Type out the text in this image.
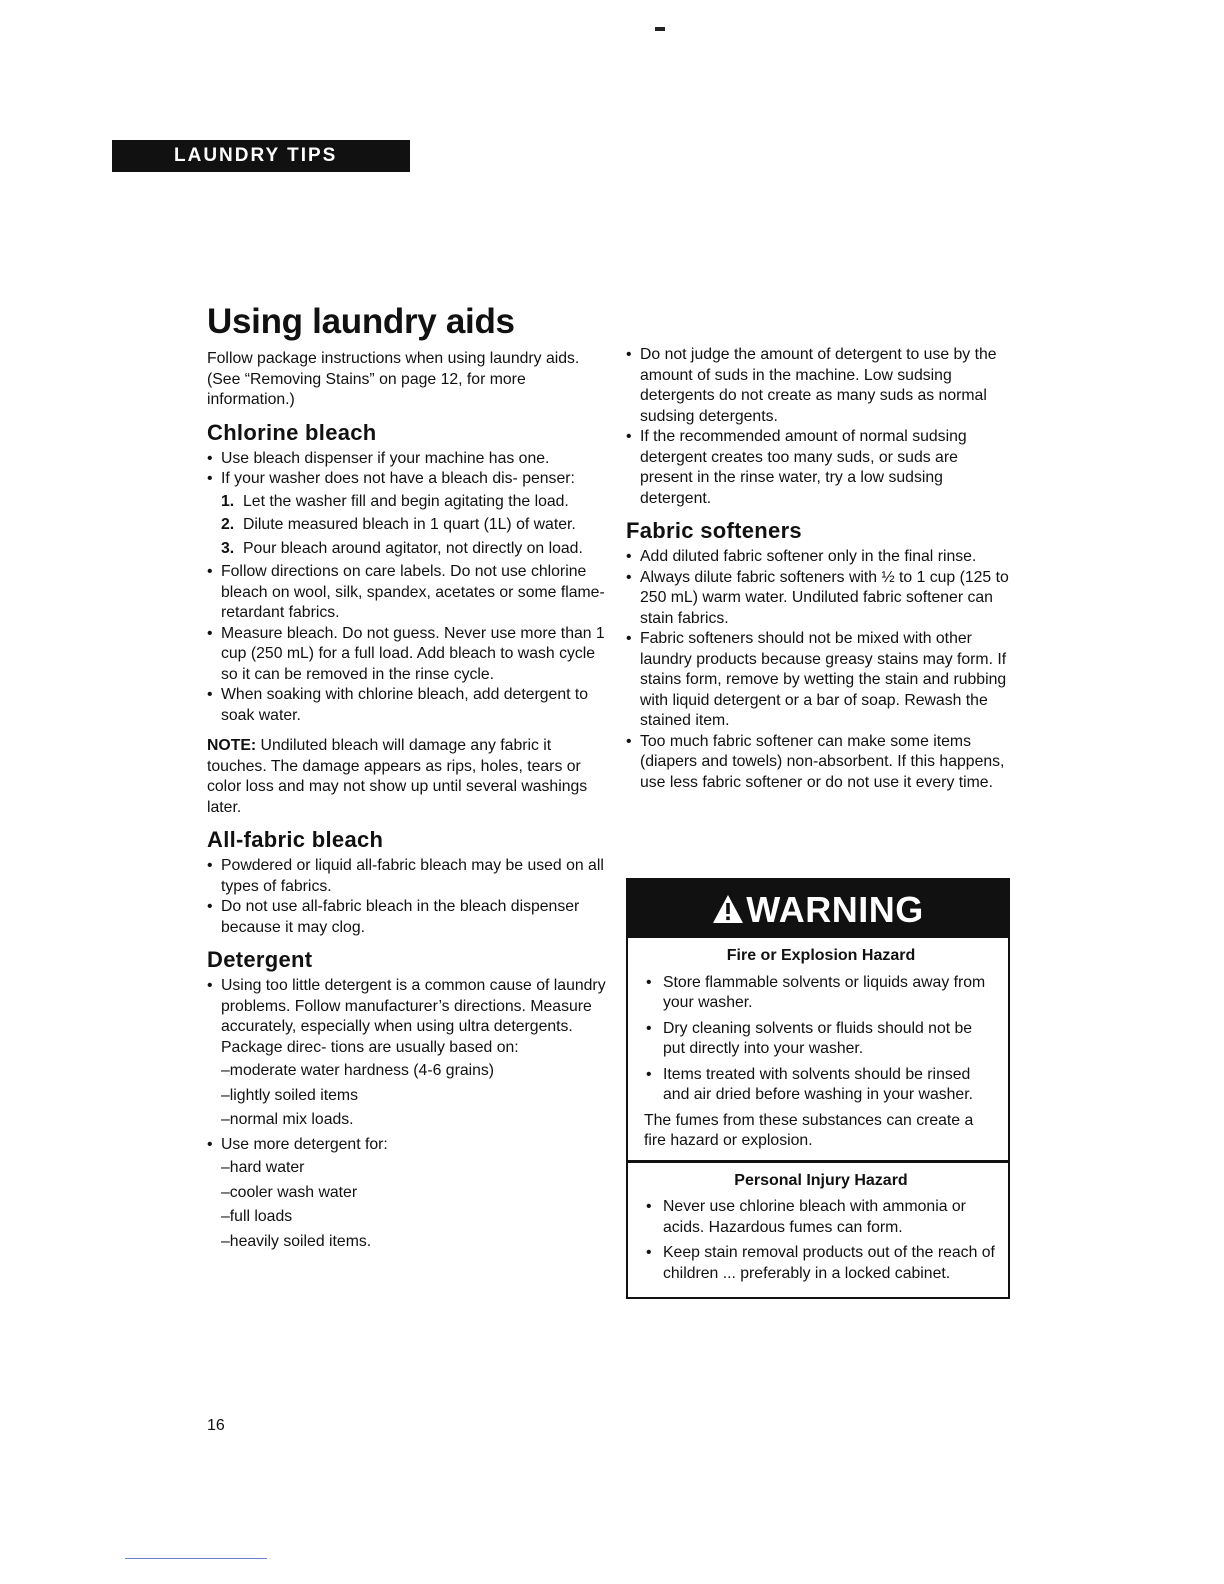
LAUNDRY TIPS
Using laundry aids

Follow package instructions when using laundry aids. (See “Removing Stains” on page 12, for more information.)

Chlorine bleach
• Use bleach dispenser if your machine has one.
• If your washer does not have a bleach dis- penser:
1. Let the washer fill and begin agitating the load.
2. Dilute measured bleach in 1 quart (1L) of water.
3. Pour bleach around agitator, not directly on load.
• Follow directions on care labels. Do not use chlorine bleach on wool, silk, spandex, acetates or some flame-retardant fabrics.
• Measure bleach. Do not guess. Never use more than 1 cup (250 mL) for a full load. Add bleach to wash cycle so it can be removed in the rinse cycle.
• When soaking with chlorine bleach, add detergent to soak water.

NOTE: Undiluted bleach will damage any fabric it touches. The damage appears as rips, holes, tears or color loss and may not show up until several washings later.

All-fabric bleach
• Powdered or liquid all-fabric bleach may be used on all types of fabrics.
• Do not use all-fabric bleach in the bleach dispenser because it may clog.
Detergent
• Using too little detergent is a common cause of laundry problems. Follow manufacturer’s directions. Measure accurately, especially when using ultra detergents. Package direc- tions are usually based on:
–moderate water hardness (4-6 grains)
–lightly soiled items
–normal mix loads.
• Use more detergent for:
–hard water
–cooler wash water
–full loads
–heavily soiled items.
• Do not judge the amount of detergent to use by the amount of suds in the machine. Low sudsing detergents do not create as many suds as normal sudsing detergents.
• If the recommended amount of normal sudsing detergent creates too many suds, or suds are present in the rinse water, try a low sudsing detergent.
Fabric softeners
• Add diluted fabric softener only in the final rinse.
• Always dilute fabric softeners with ½ to 1 cup (125 to 250 mL) warm water. Undiluted fabric softener can stain fabrics.
• Fabric softeners should not be mixed with other laundry products because greasy stains may form. If stains form, remove by wetting the stain and rubbing with liquid detergent or a bar of soap. Rewash the stained item.
• Too much fabric softener can make some items (diapers and towels) non-absorbent. If this happens, use less fabric softener or do not use it every time.
WARNING
Fire or Explosion Hazard
• Store flammable solvents or liquids away from your washer.
• Dry cleaning solvents or fluids should not be put directly into your washer.
• Items treated with solvents should be rinsed and air dried before washing in your washer.

The fumes from these substances can create a fire hazard or explosion.

Personal Injury Hazard
• Never use chlorine bleach with ammonia or acids. Hazardous fumes can form.
• Keep stain removal products out of the reach of children ... preferably in a locked cabinet.
16
